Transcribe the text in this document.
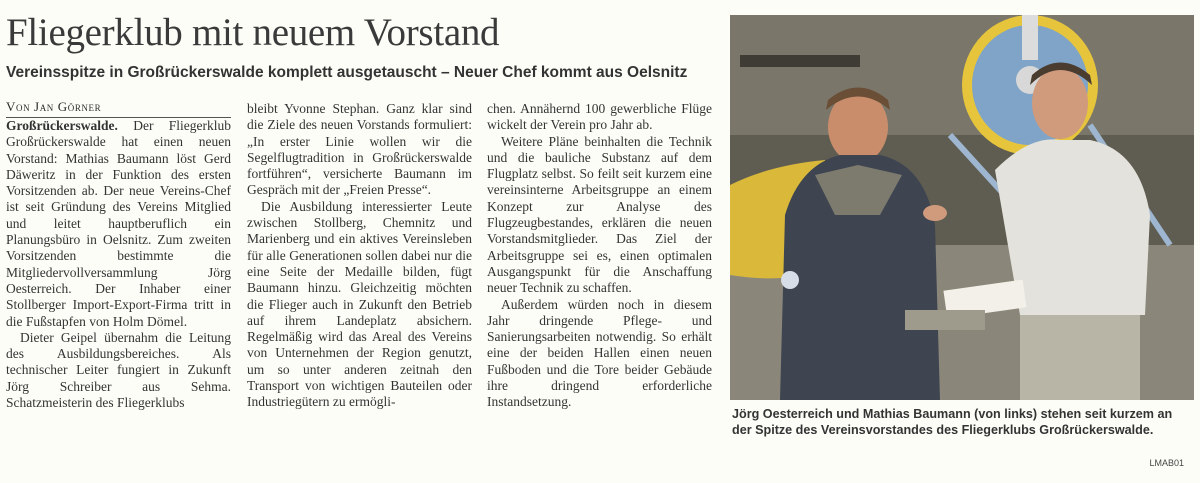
Fliegerklub mit neuem Vorstand
Vereinsspitze in Großrückerswalde komplett ausgetauscht – Neuer Chef kommt aus Oelsnitz
Von Jan Görner

Großrückerswalde. Der Fliegerklub Großrückerswalde hat einen neuen Vorstand: Mathias Baumann löst Gerd Däweritz in der Funktion des ersten Vorsitzenden ab. Der neue Vereins-Chef ist seit Gründung des Vereins Mitglied und leitet hauptberuflich ein Planungsbüro in Oelsnitz. Zum zweiten Vorsitzenden bestimmte die Mitgliedervollversammlung Jörg Oesterreich. Der Inhaber einer Stollberger Import-Export-Firma tritt in die Fußstapfen von Holm Dömel.

Dieter Geipel übernahm die Leitung des Ausbildungsbereiches. Als technischer Leiter fungiert in Zukunft Jörg Schreiber aus Sehma. Schatzmeisterin des Fliegerklubs

bleibt Yvonne Stephan. Ganz klar sind die Ziele des neuen Vorstands formuliert: „In erster Linie wollen wir die Segelflugtradition in Großrückerswalde fortführen“, versicherte Baumann im Gespräch mit der „Freien Presse“.

Die Ausbildung interessierter Leute zwischen Stollberg, Chemnitz und Marienberg und ein aktives Vereinsleben für alle Generationen sollen dabei nur die eine Seite der Medaille bilden, fügt Baumann hinzu. Gleichzeitig möchten die Flieger auch in Zukunft den Betrieb auf ihrem Landeplatz absichern. Regelmäßig wird das Areal des Vereins von Unternehmen der Region genutzt, um so unter anderen zeitnah den Transport von wichtigen Bauteilen oder Industriegütern zu ermögli-

chen. Annähernd 100 gewerbliche Flüge wickelt der Verein pro Jahr ab.

Weitere Pläne beinhalten die Technik und die bauliche Substanz auf dem Flugplatz selbst. So feilt seit kurzem eine vereinsinterne Arbeitsgruppe an einem Konzept zur Analyse des Flugzeugbestandes, erklären die neuen Vorstandsmitglieder. Das Ziel der Arbeitsgruppe sei es, einen optimalen Ausgangspunkt für die Anschaffung neuer Technik zu schaffen.

Außerdem würden noch in diesem Jahr dringende Pflege- und Sanierungsarbeiten notwendig. So erhält eine der beiden Hallen einen neuen Fußboden und die Tore beider Gebäude ihre dringend erforderliche Instandsetzung.

Jörg Oesterreich und Mathias Baumann (von links) stehen seit kurzem an der Spitze des Vereinsvorstandes des Fliegerklubs Großrückerswalde.
LMAB01
